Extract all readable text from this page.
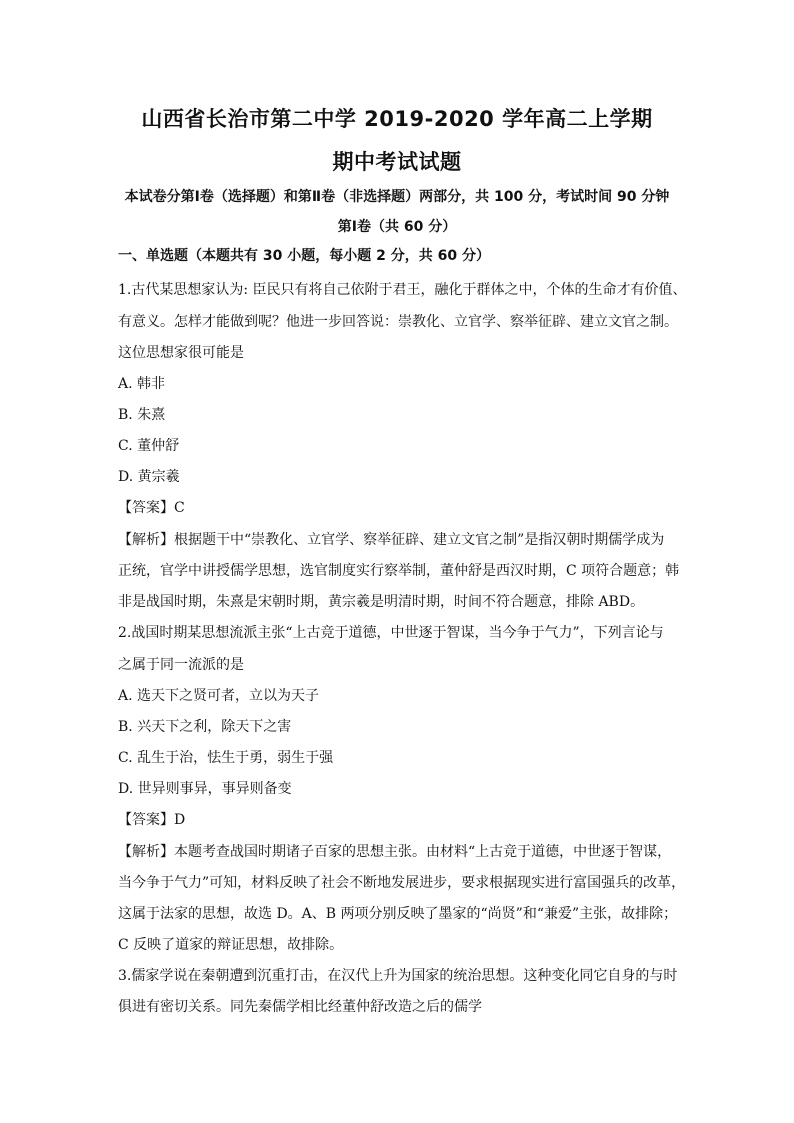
山西省长治市第二中学 2019-2020 学年高二上学期
期中考试试题
本试卷分第Ⅰ卷（选择题）和第Ⅱ卷（非选择题）两部分，共 100 分，考试时间 90 分钟
第Ⅰ卷（共 60 分）
一、单选题（本题共有 30 小题，每小题 2 分，共 60 分）
1.古代某思想家认为: 臣民只有将自己依附于君王，融化于群体之中，个体的生命才有价值、
有意义。怎样才能做到呢？他进一步回答说：崇教化、立官学、察举征辟、建立文官之制。
这位思想家很可能是
A. 韩非
B. 朱熹
C. 董仲舒
D. 黄宗羲
【答案】C
【解析】根据题干中“崇教化、立官学、察举征辟、建立文官之制”是指汉朝时期儒学成为
正统，官学中讲授儒学思想，选官制度实行察举制，董仲舒是西汉时期，C 项符合题意；韩
非是战国时期，朱熹是宋朝时期，黄宗羲是明清时期，时间不符合题意，排除 ABD。
2.战国时期某思想流派主张“上古竞于道德，中世逐于智谋，当今争于气力”，下列言论与
之属于同一流派的是
A. 选天下之贤可者，立以为天子
B. 兴天下之利，除天下之害
C. 乱生于治，怯生于勇，弱生于强
D. 世异则事异，事异则备变
【答案】D
【解析】本题考查战国时期诸子百家的思想主张。由材料“上古竞于道德，中世逐于智谋，
当今争于气力”可知，材料反映了社会不断地发展进步，要求根据现实进行富国强兵的改革，
这属于法家的思想，故选 D。A、B 两项分别反映了墨家的“尚贤”和“兼爱”主张，故排除；
C 反映了道家的辩证思想，故排除。
3.儒家学说在秦朝遭到沉重打击，在汉代上升为国家的统治思想。这种变化同它自身的与时
俱进有密切关系。同先秦儒学相比经董仲舒改造之后的儒学
